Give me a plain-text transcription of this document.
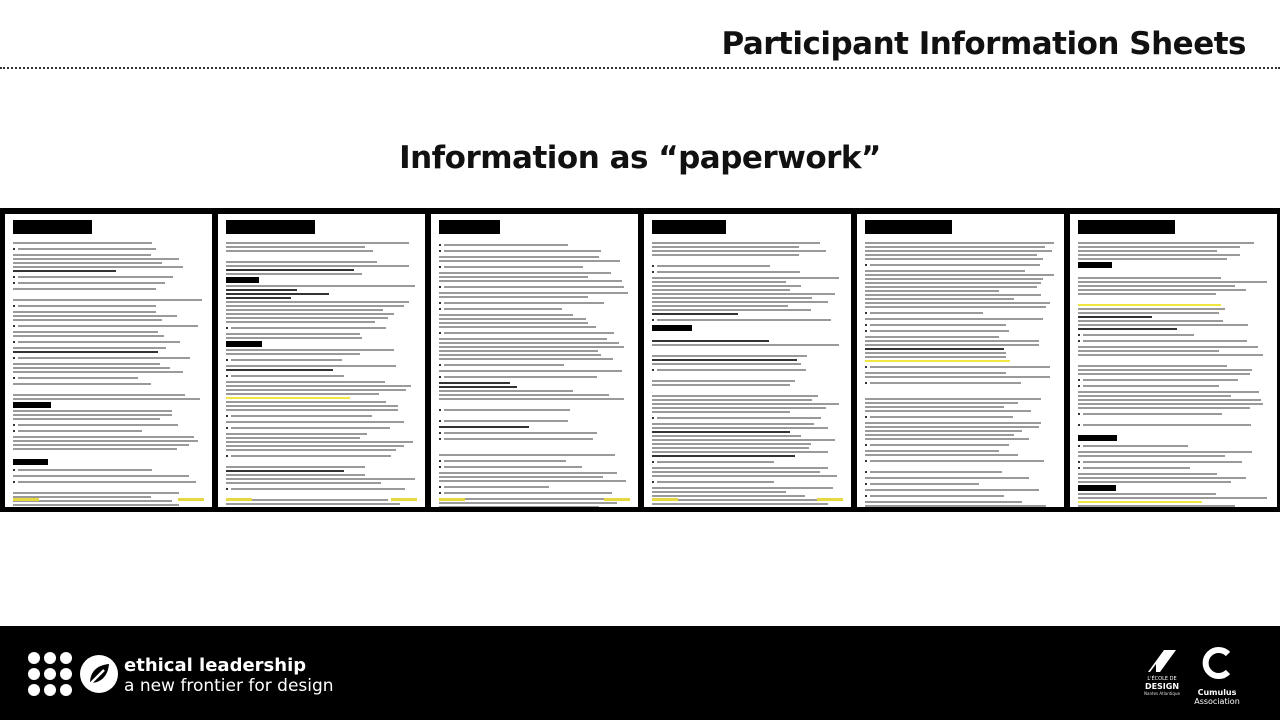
Participant Information Sheets
Information as “paperwork”
ethical leadership
a new frontier for design	L'ÉCOLE DE
DESIGN
Nantes Atlantique	Cumulus
Association
